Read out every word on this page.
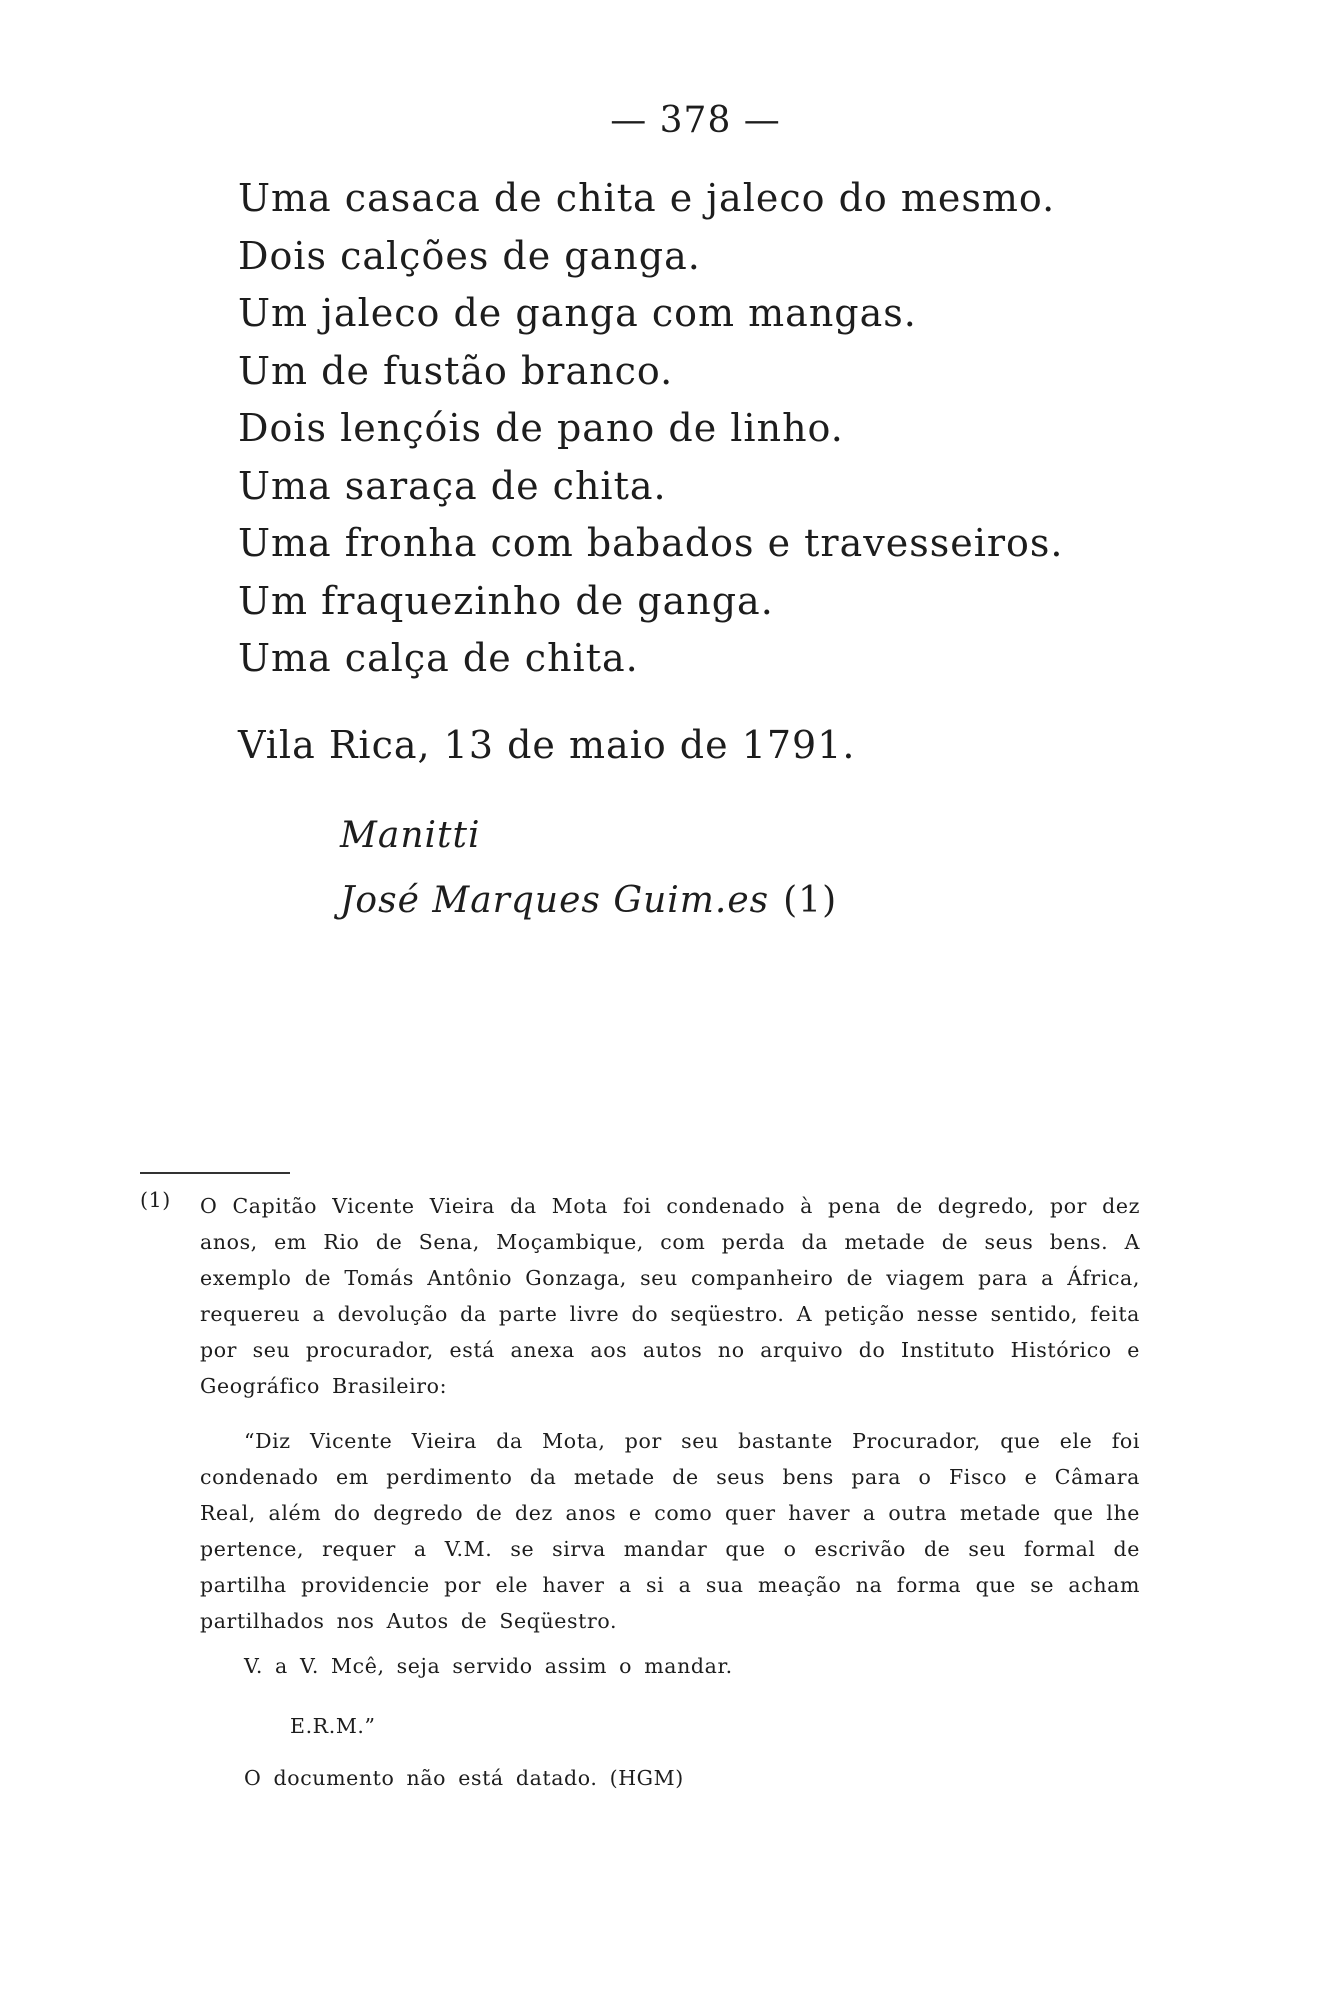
— 378 —
Uma casaca de chita e jaleco do mesmo.
Dois calções de ganga.
Um jaleco de ganga com mangas.
Um de fustão branco.
Dois lençóis de pano de linho.
Uma saraça de chita.
Uma fronha com babados e travesseiros.
Um fraquezinho de ganga.
Uma calça de chita.
Vila Rica, 13 de maio de 1791.
Manitti
José Marques Guim.es (1)
(1) O Capitão Vicente Vieira da Mota foi condenado à pena de degredo, por dez anos, em Rio de Sena, Moçambique, com perda da metade de seus bens. A exemplo de Tomás Antônio Gonzaga, seu companheiro de viagem para a África, requereu a devolução da parte livre do seqüestro. A petição nesse sentido, feita por seu procurador, está anexa aos autos no arquivo do Instituto Histórico e Geográfico Brasileiro:

“Diz Vicente Vieira da Mota, por seu bastante Procurador, que ele foi condenado em perdimento da metade de seus bens para o Fisco e Câmara Real, além do degredo de dez anos e como quer haver a outra metade que lhe pertence, requer a V.M. se sirva mandar que o escrivão de seu formal de partilha providencie por ele haver a si a sua meação na forma que se acham partilhados nos Autos de Seqüestro.

V. a V. Mcê, seja servido assim o mandar.

E.R.M.”

O documento não está datado. (HGM)
